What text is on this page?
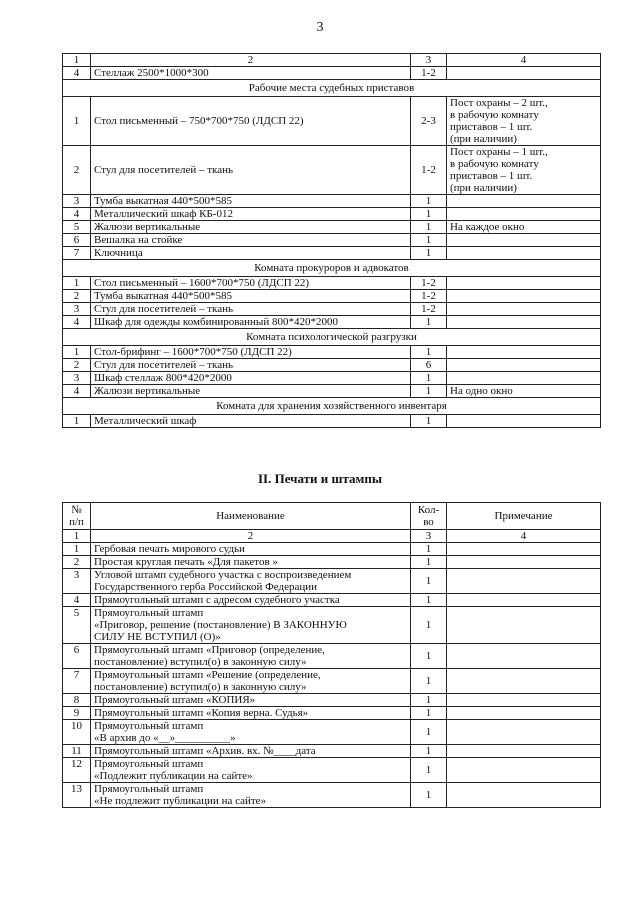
3
1	2	3	4
4	Стеллаж 2500*1000*300	1-2	
Рабочие места судебных приставов			
1	Стол письменный – 750*700*750 (ЛДСП 22)	2-3	Пост охраны – 2 шт.,
в рабочую комнату
приставов – 1 шт.
(при наличии)
2	Стул для посетителей – ткань	1-2	Пост охраны – 1 шт.,
в рабочую комнату
приставов – 1 шт.
(при наличии)
3	Тумба выкатная 440*500*585	1	
4	Металлический шкаф КБ-012	1	
5	Жалюзи вертикальные	1	На каждое окно
6	Вешалка на стойке	1	
7	Ключница	1	
Комната прокуроров и адвокатов			
1	Стол письменный – 1600*700*750 (ЛДСП 22)	1-2	
2	Тумба выкатная 440*500*585	1-2	
3	Стул для посетителей – ткань	1-2	
4	Шкаф для одежды комбинированный 800*420*2000	1	
Комната психологической разгрузки			
1	Стол-брифинг – 1600*700*750 (ЛДСП 22)	1	
2	Стул для посетителей – ткань	6	
3	Шкаф стеллаж 800*420*2000	1	
4	Жалюзи вертикальные	1	На одно окно
Комната для хранения хозяйственного инвентаря			
1	Металлический шкаф	1	
II. Печати и штампы
№
п/п	Наименование	Кол-
во	Примечание
1	2	3	4
1	Гербовая печать мирового судьи	1	
2	Простая круглая печать «Для пакетов »	1	
3	Угловой штамп судебного участка с воспроизведением
Государственного герба Российской Федерации	1	
4	Прямоугольный штамп с адресом судебного участка	1	
5	Прямоугольный штамп
«Приговор, решение (постановление) В ЗАКОННУЮ
СИЛУ НЕ ВСТУПИЛ (О)»	1	
6	Прямоугольный штамп «Приговор (определение,
постановление) вступил(о) в законную силу»	1	
7	Прямоугольный штамп «Решение (определение,
постановление) вступил(о) в законную силу»	1	
8	Прямоугольный штамп «КОПИЯ»	1	
9	Прямоугольный штамп «Копия верна. Судья»	1	
10	Прямоугольный штамп
«В архив до «__»__________»	1	
11	Прямоугольный штамп «Архив. вх. №____дата	1	
12	Прямоугольный штамп
«Подлежит публикации на сайте»	1	
13	Прямоугольный штамп
«Не подлежит публикации на сайте»	1	
